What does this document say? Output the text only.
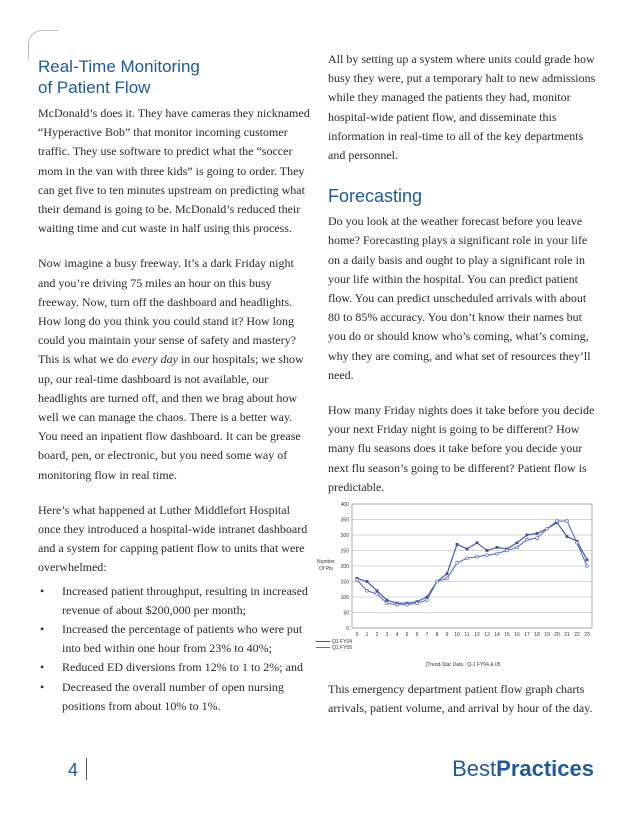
Real-Time Monitoring
of Patient Flow

McDonald’s does it. They have cameras they nicknamed “Hyperactive Bob” that monitor incoming customer traffic. They use software to predict what the “soccer mom in the van with three kids” is going to order. They can get five to ten minutes upstream on predicting what their demand is going to be. McDonald’s reduced their waiting time and cut waste in half using this process.

Now imagine a busy freeway. It’s a dark Friday night and you’re driving 75 miles an hour on this busy freeway. Now, turn off the dashboard and headlights. How long do you think you could stand it? How long could you maintain your sense of safety and mastery? This is what we do every day in our hospitals; we show up, our real-time dashboard is not available, our headlights are turned off, and then we brag about how well we can manage the chaos. There is a better way. You need an inpatient flow dashboard. It can be grease board, pen, or electronic, but you need some way of monitoring flow in real time.

Here’s what happened at Luther Middlefort Hospital once they introduced a hospital-wide intranet dashboard and a system for capping patient flow to units that were overwhelmed:

• Increased patient throughput, resulting in increased revenue of about $200,000 per month;
• Increased the percentage of patients who were put into bed within one hour from 23% to 40%;
• Reduced ED diversions from 12% to 1 to 2%; and
• Decreased the overall number of open nursing positions from about 10% to 1%.

All by setting up a system where units could grade how busy they were, put a temporary halt to new admissions while they managed the patients they had, monitor hospital-wide patient flow, and disseminate this information in real-time to all of the key departments and personnel.

Forecasting

Do you look at the weather forecast before you leave home? Forecasting plays a significant role in your life on a daily basis and ought to play a significant role in your life within the hospital. You can predict patient flow. You can predict unscheduled arrivals with about 80 to 85% accuracy. You don’t know their names but you do or should know who’s coming, what’s coming, why they are coming, and what set of resources they’ll need.

How many Friday nights does it take before you decide your next Friday night is going to be different? How many flu seasons does it take before you decide your next flu season’s going to be different? Patient flow is predictable.

0
50
100
150
200
250
300
350
400
0 1 2 3 4 5 6 7 8 9 10 11 12 13 14 15 16 17 18 19 20 21 22 23
Number
Of Pts
Q1 FY04
Q1 FY05
[Trend-Star Data : Q-1 FY04 & 05

This emergency department patient flow graph charts arrivals, patient volume, and arrival by hour of the day.

4	BestPractices
